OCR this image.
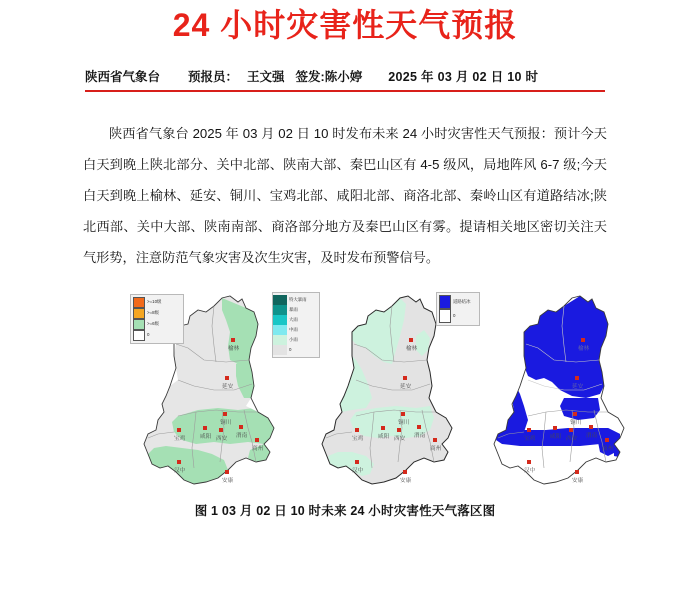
24 小时灾害性天气预报
陕西省气象台 预报员： 王文强 签发:陈小婷 2025 年 03 月 02 日 10 时

陕西省气象台 2025 年 03 月 02 日 10 时发布未来 24 小时灾害性天气预报：预计今天白天到晚上陕北部分、关中北部、陕南大部、秦巴山区有 4-5 级风，局地阵风 6-7 级;今天白天到晚上榆林、延安、铜川、宝鸡北部、咸阳北部、商洛北部、秦岭山区有道路结冰;陕北西部、关中大部、陕南南部、商洛部分地方及秦巴山区有雾。提请相关地区密切关注天气形势，注意防范气象灾害及次生灾害，及时发布预警信号。

>=10级
>=8级
>=6级
0
榆林
延安
铜川
宝鸡	咸阳 西安 渭南
商州
汉中
安康
特大暴雨
暴雨
大雨
中雨
小雨
0	榆林
延安
铜川
宝鸡	咸阳 西安 渭南
商州
汉中
安康
道路结冰
0
榆林
延安
铜川
宝鸡	咸阳 西安 渭南
商州
汉中
安康
图 1 03 月 02 日 10 时未来 24 小时灾害性天气落区图
